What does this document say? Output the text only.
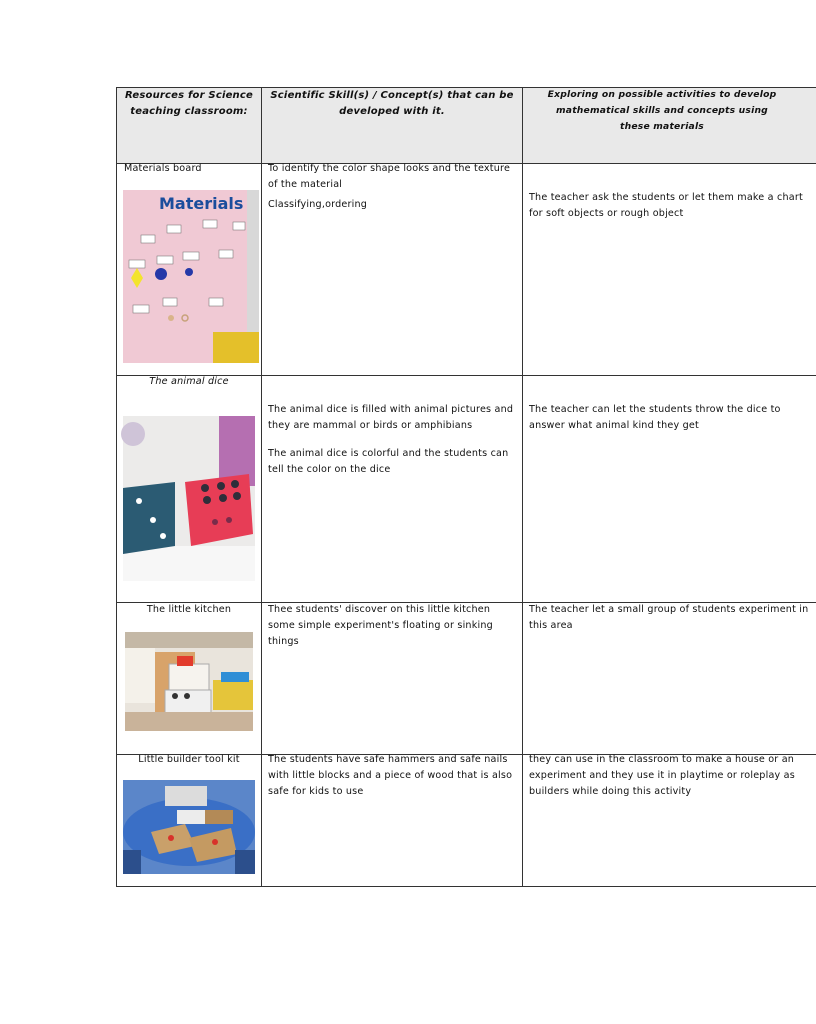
Resources for Science teaching classroom:
Scientific Skill(s) / Concept(s) that can be developed with it.
Exploring on possible activities to develop mathematical skills and concepts using these materials
Materials board
Materials

To identify the color shape looks and the texture of the material

Classifying,ordering

The teacher ask the students or let them make a chart for soft objects or rough object
The animal dice

The animal dice is filled with animal pictures and they are mammal or birds or amphibians

The animal dice is colorful and the students can tell the color on the dice

The teacher can let the students throw the dice to answer what animal kind they get
The little kitchen	Thee students' discover on this little kitchen some simple experiment's floating or sinking things
The teacher let a small group of students experiment in this area
Little builder tool kit	The students have safe hammers and safe nails with little blocks and a piece of wood that is also safe for kids to use
they can use in the classroom to make a house or an experiment and they use it in playtime or roleplay as builders while doing this activity
